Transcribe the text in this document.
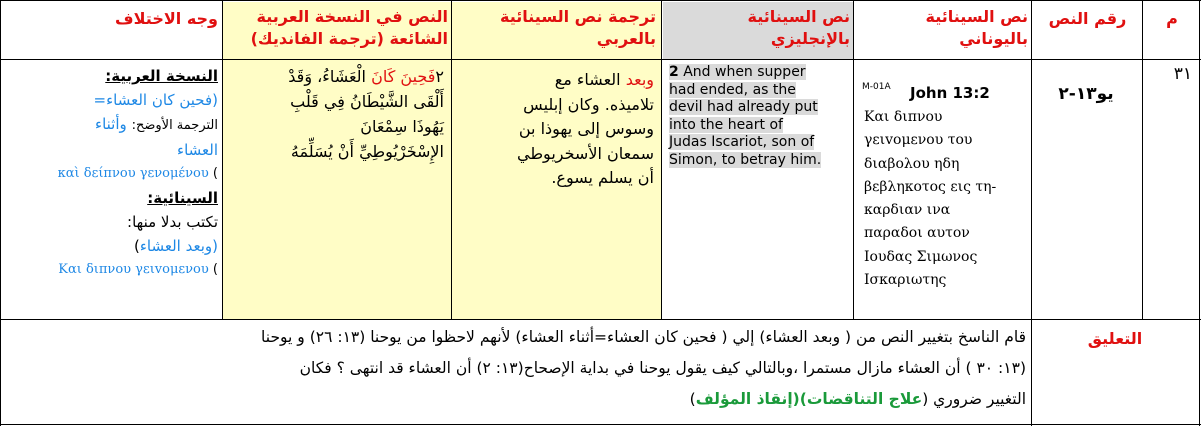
م
رقم النص
نص السينائية باليوناني
نص السينائية بالإنجليزي
ترجمة نص السينائية بالعربي
النص في النسخة العربية الشائعة (ترجمة الفانديك)
وجه الاختلاف
٣١
يو١٣-٢
M-01A John 13:2
Και διπνου
γειvομενου του
διαβολου ηδη
βεβληκοτος εις τη-
καρδιαν ινα
παραδοι αυτον
Ιουδας Σιμωνος
Ισκαριωτης
2 And when supper
had ended, as the
devil had already put
into the heart of
Judas Iscariot, son of
Simon, to betray him.
وبعد العشاء مع
تلاميذه. وكان إبليس
وسوس إلى يهوذا بن
سمعان الأسخريوطي
أن يسلم يسوع.
٢فَحِينَ كَانَ الْعَشَاءُ، وَقَدْ
أَلْقَى الشَّيْطَانُ فِي قَلْبِ
يَهُوذَا سِمْعَانَ
الإِسْخَرْيُوطِيِّ أَنْ يُسَلِّمَهُ
النسخة العربية:
(فحين كان العشاء=
الترجمة الأوضح: وأثناء
العشاء
) καὶ δείπνου γενομένου
السينائية:
تكتب بدلا منها:
(وبعد العشاء)
) Και διπνου γειvομενου
التعليق
قام الناسخ بتغيير النص من ( وبعد العشاء) إلي ( فحين كان العشاء=أثناء العشاء) لأنهم لاحظوا من يوحنا (١٣: ٢٦) و يوحنا
(١٣: ٣٠ ) أن العشاء مازال مستمرا ،وبالتالي كيف يقول يوحنا في بداية الإصحاح(١٣: ٢) أن العشاء قد انتهى ؟ فكان
التغيير ضروري (علاج التناقضات)(إنقاذ المؤلف)
